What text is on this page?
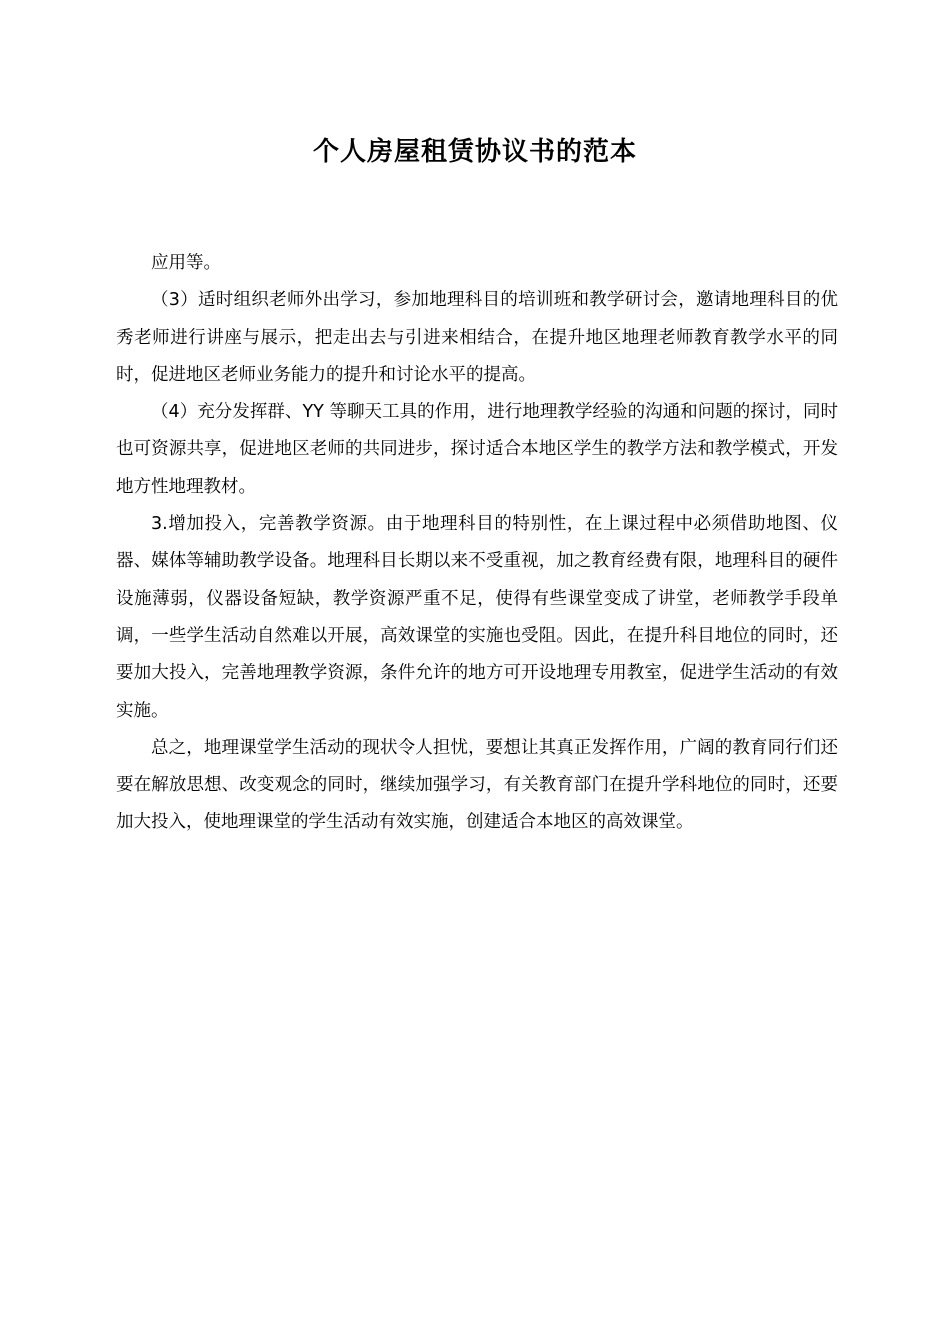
个人房屋租赁协议书的范本

应用等。

（3）适时组织老师外出学习，参加地理科目的培训班和教学研讨会，邀请地理科目的优秀老师进行讲座与展示，把走出去与引进来相结合，在提升地区地理老师教育教学水平的同时，促进地区老师业务能力的提升和讨论水平的提高。

（4）充分发挥群、YY 等聊天工具的作用，进行地理教学经验的沟通和问题的探讨，同时也可资源共享，促进地区老师的共同进步，探讨适合本地区学生的教学方法和教学模式，开发地方性地理教材。

3.增加投入，完善教学资源。由于地理科目的特别性，在上课过程中必须借助地图、仪器、媒体等辅助教学设备。地理科目长期以来不受重视，加之教育经费有限，地理科目的硬件设施薄弱，仪器设备短缺，教学资源严重不足，使得有些课堂变成了讲堂，老师教学手段单调，一些学生活动自然难以开展，高效课堂的实施也受阻。因此，在提升科目地位的同时，还要加大投入，完善地理教学资源，条件允许的地方可开设地理专用教室，促进学生活动的有效实施。

总之，地理课堂学生活动的现状令人担忧，要想让其真正发挥作用，广阔的教育同行们还要在解放思想、改变观念的同时，继续加强学习，有关教育部门在提升学科地位的同时，还要加大投入，使地理课堂的学生活动有效实施，创建适合本地区的高效课堂。
